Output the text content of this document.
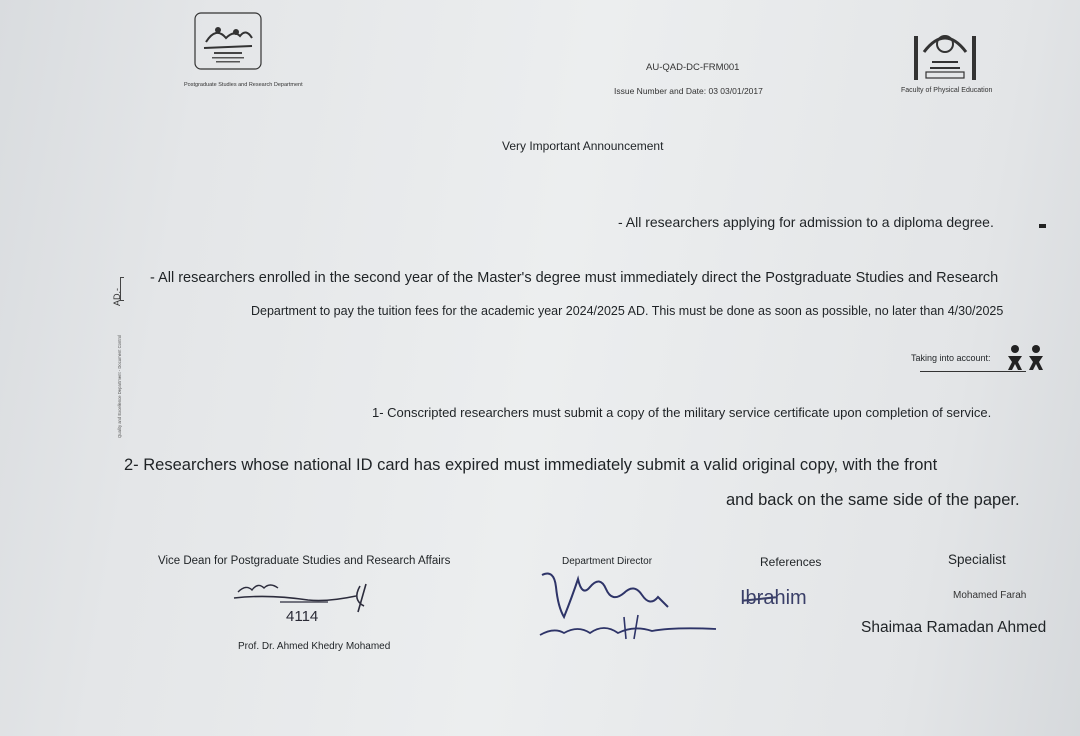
Postgraduate Studies and Research Department
AU-QAD-DC-FRM001
Issue Number and Date: 03 03/01/2017	Faculty of Physical Education
Very Important Announcement
- All researchers applying for admission to a diploma degree.
- All researchers enrolled in the second year of the Master's degree must immediately direct the Postgraduate Studies and Research
Department to pay the tuition fees for the academic year 2024/2025 AD. This must be done as soon as possible, no later than 4/30/2025
Taking into account:
1- Conscripted researchers must submit a copy of the military service certificate upon completion of service.
2- Researchers whose national ID card has expired must immediately submit a valid original copy, with the front
and back on the same side of the paper.
Quality and Excellence Department - Document Control
AD.-
Vice Dean for Postgraduate Studies and Research Affairs	Department Director	References	Specialist
4114
Prof. Dr. Ahmed Khedry Mohamed
Ibrahim	Mohamed Farah
Shaimaa Ramadan Ahmed
